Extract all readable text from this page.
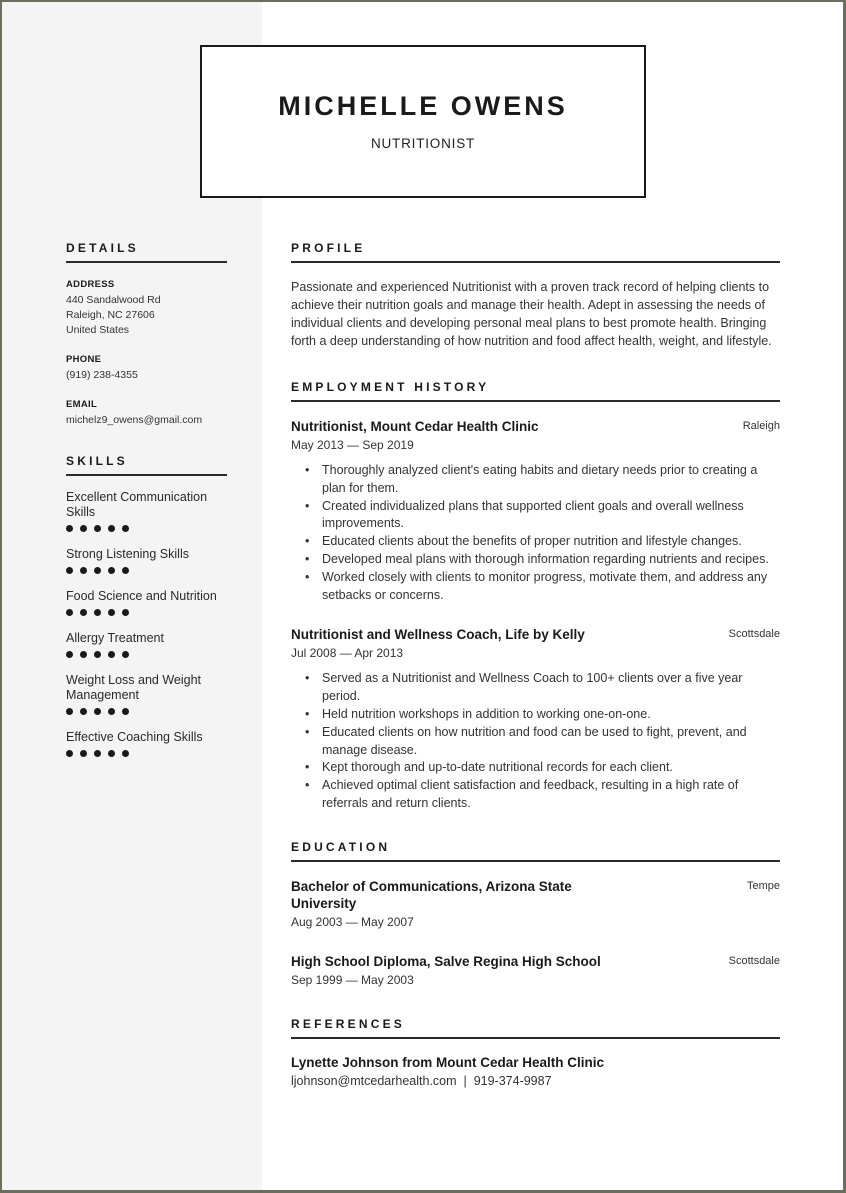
MICHELLE OWENS
NUTRITIONIST
DETAILS
ADDRESS
440 Sandalwood Rd
Raleigh, NC 27606
United States
PHONE
(919) 238-4355
EMAIL
michelz9_owens@gmail.com
SKILLS
Excellent Communication Skills
Strong Listening Skills
Food Science and Nutrition
Allergy Treatment
Weight Loss and Weight Management
Effective Coaching Skills
PROFILE

Passionate and experienced Nutritionist with a proven track record of helping clients to achieve their nutrition goals and manage their health. Adept in assessing the needs of individual clients and developing personal meal plans to best promote health. Bringing forth a deep understanding of how nutrition and food affect health, weight, and lifestyle.

EMPLOYMENT HISTORY
Nutritionist, Mount Cedar Health Clinic	Raleigh
May 2013 — Sep 2019
• Thoroughly analyzed client's eating habits and dietary needs prior to creating a plan for them.
• Created individualized plans that supported client goals and overall wellness improvements.
• Educated clients about the benefits of proper nutrition and lifestyle changes.
• Developed meal plans with thorough information regarding nutrients and recipes.
• Worked closely with clients to monitor progress, motivate them, and address any setbacks or concerns.
Nutritionist and Wellness Coach, Life by Kelly	Scottsdale
Jul 2008 — Apr 2013
• Served as a Nutritionist and Wellness Coach to 100+ clients over a five year period.
• Held nutrition workshops in addition to working one-on-one.
• Educated clients on how nutrition and food can be used to fight, prevent, and manage disease.
• Kept thorough and up-to-date nutritional records for each client.
• Achieved optimal client satisfaction and feedback, resulting in a high rate of referrals and return clients.
EDUCATION
Bachelor of Communications, Arizona State University
Tempe
Aug 2003 — May 2007
High School Diploma, Salve Regina High School	Scottsdale
Sep 1999 — May 2003
REFERENCES
Lynette Johnson from Mount Cedar Health Clinic
ljohnson@mtcedarhealth.com  |  919-374-9987
